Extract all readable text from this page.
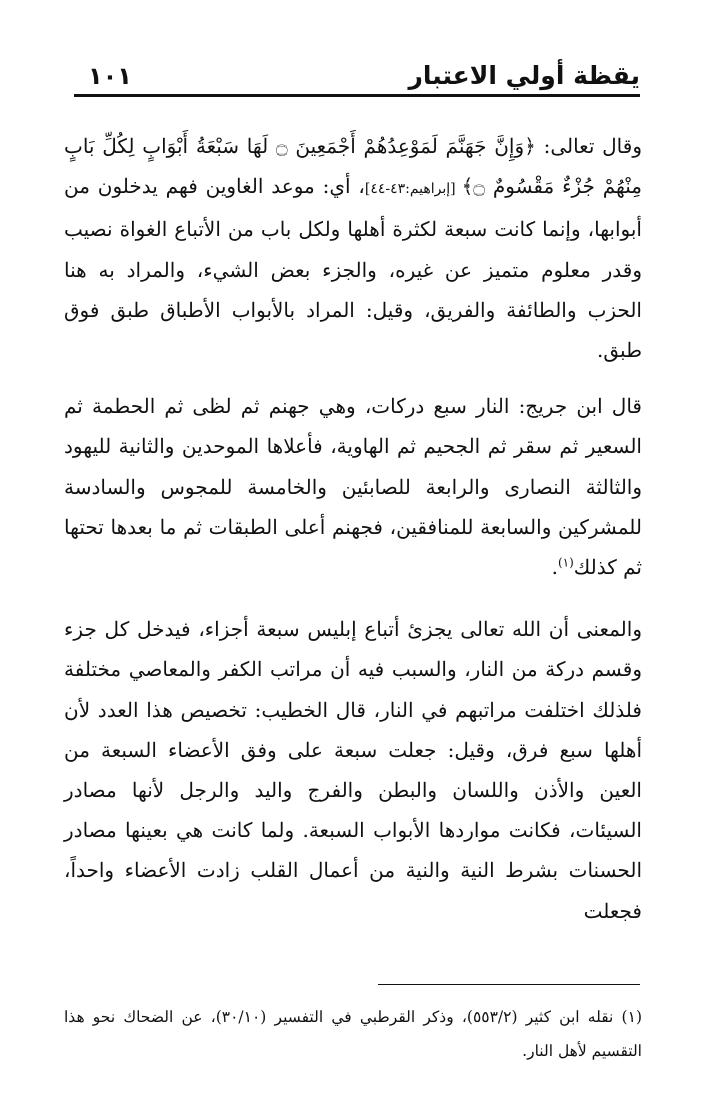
يقظة أولي الاعتبار
١٠١

وقال تعالى: ﴿وَإِنَّ جَهَنَّمَ لَمَوْعِدُهُمْ أَجْمَعِينَ ۝ لَهَا سَبْعَةُ أَبْوَابٍ لِكُلِّ بَابٍ مِنْهُمْ جُزْءٌ مَقْسُومٌ ۝﴾ [إبراهيم:٤٣-٤٤]، أي: موعد الغاوين فهم يدخلون من أبوابها، وإنما كانت سبعة لكثرة أهلها ولكل باب من الأتباع الغواة نصيب وقدر معلوم متميز عن غيره، والجزء بعض الشيء، والمراد به هنا الحزب والطائفة والفريق، وقيل: المراد بالأبواب الأطباق طبق فوق طبق.

قال ابن جريج: النار سبع دركات، وهي جهنم ثم لظى ثم الحطمة ثم السعير ثم سقر ثم الجحيم ثم الهاوية، فأعلاها الموحدين والثانية لليهود والثالثة النصارى والرابعة للصابئين والخامسة للمجوس والسادسة للمشركين والسابعة للمنافقين، فجهنم أعلى الطبقات ثم ما بعدها تحتها ثم كذلك$^{(١)}$.

والمعنى أن الله تعالى يجزئ أتباع إبليس سبعة أجزاء، فيدخل كل جزء وقسم دركة من النار، والسبب فيه أن مراتب الكفر والمعاصي مختلفة فلذلك اختلفت مراتبهم في النار، قال الخطيب: تخصيص هذا العدد لأن أهلها سبع فرق، وقيل: جعلت سبعة على وفق الأعضاء السبعة من العين والأذن واللسان والبطن والفرج واليد والرجل لأنها مصادر السيئات، فكانت مواردها الأبواب السبعة. ولما كانت هي بعينها مصادر الحسنات بشرط النية والنية من أعمال القلب زادت الأعضاء واحداً، فجعلت

(١) نقله ابن كثير (٥٥٣/٢)، وذكر القرطبي في التفسير (٣٠/١٠)، عن الضحاك نحو هذا التقسيم لأهل النار.
